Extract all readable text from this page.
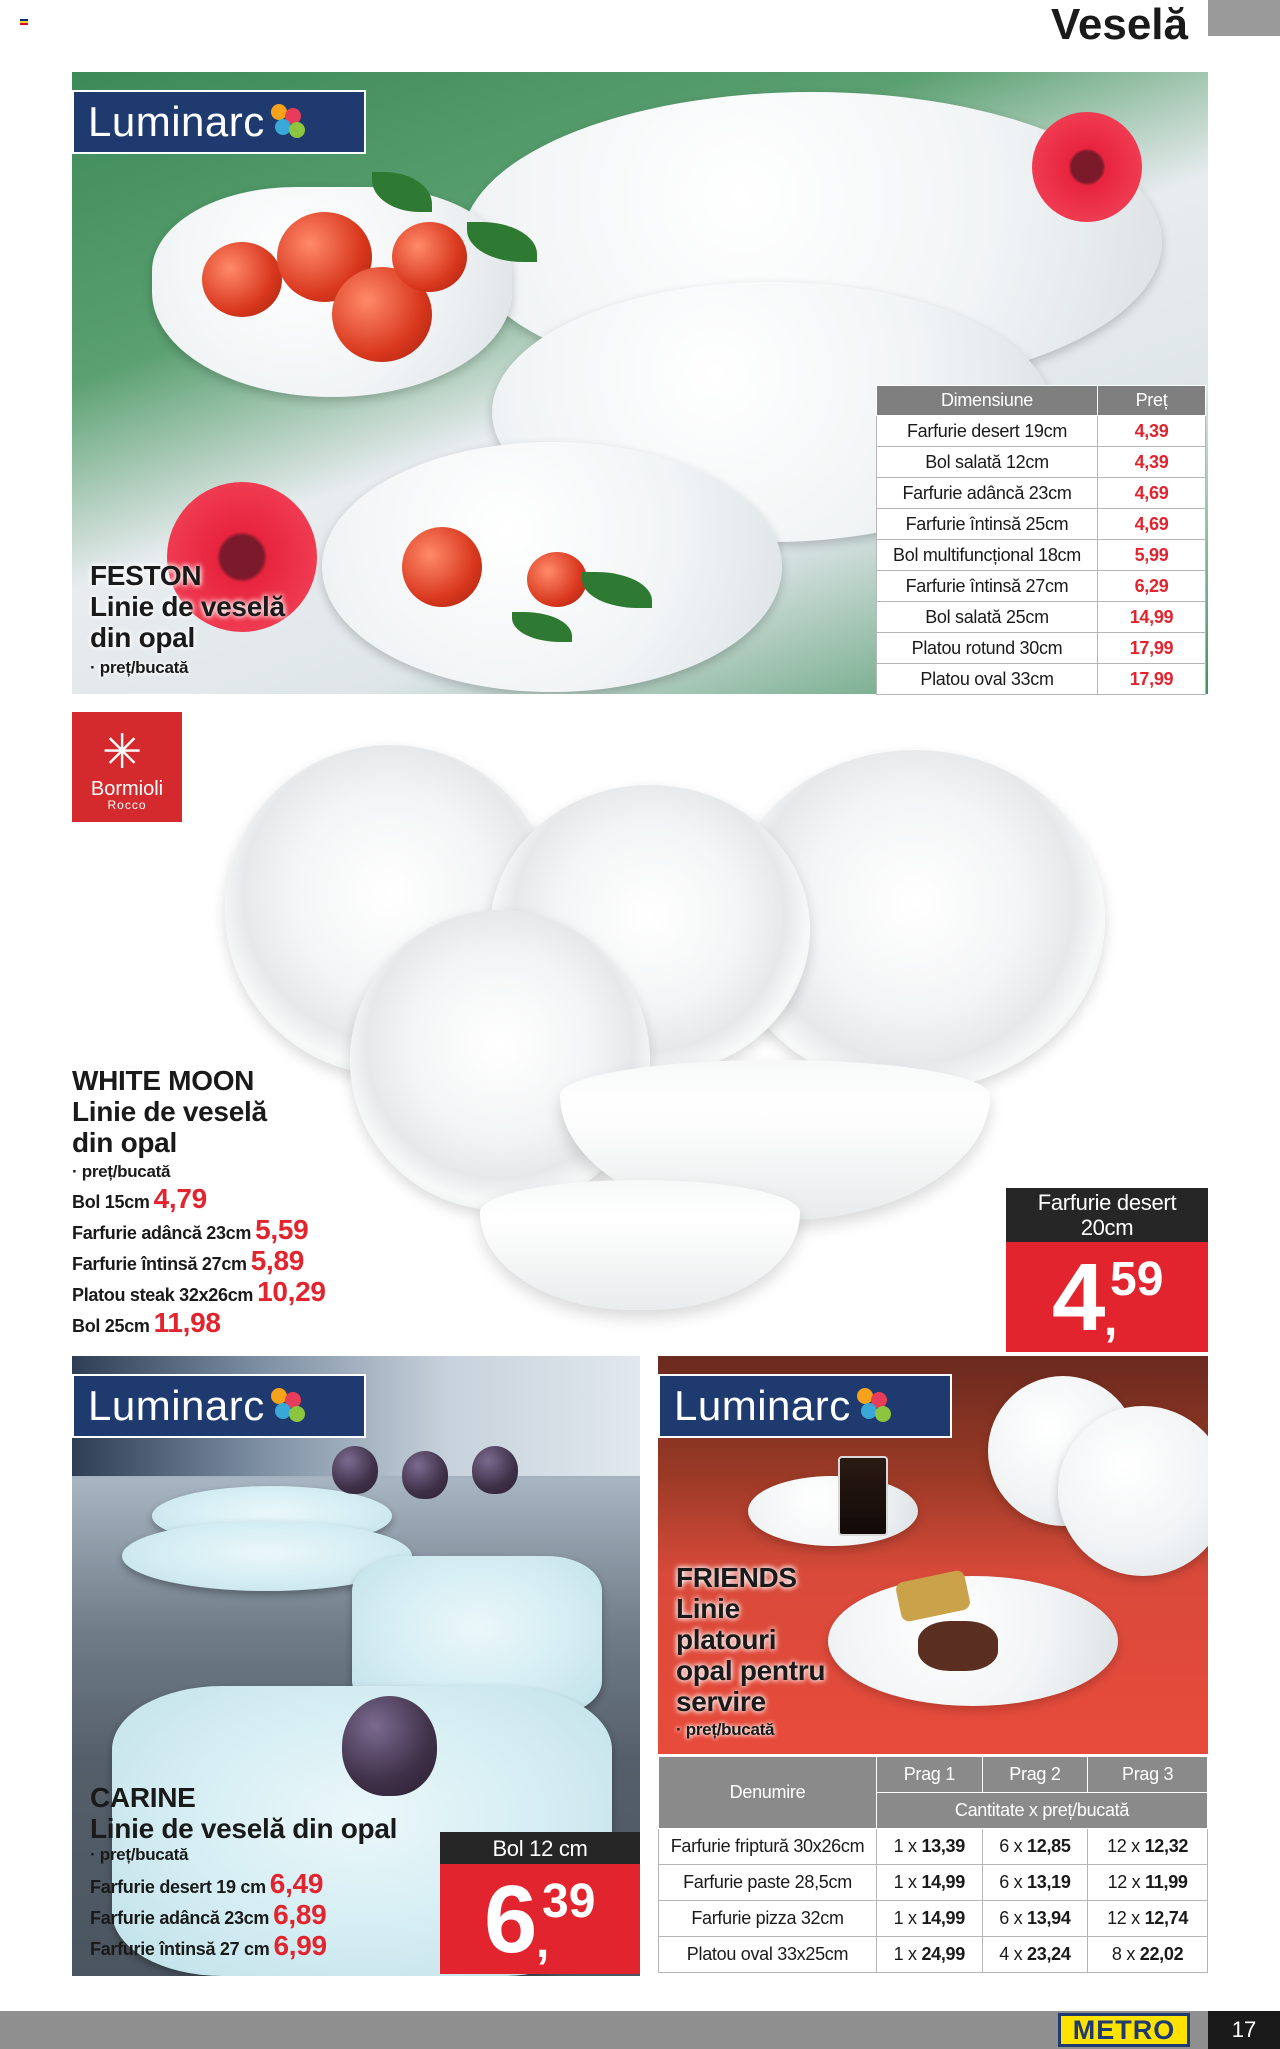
Veselă
Luminarc
FESTON
Linie de veselă
din opal
· preț/bucată
Dimensiune	Preț
Farfurie desert 19cm	4,39
Bol salată 12cm	4,39
Farfurie adâncă 23cm	4,69
Farfurie întinsă 25cm	4,69
Bol multifuncțional 18cm	5,99
Farfurie întinsă 27cm	6,29
Bol salată 25cm	14,99
Platou rotund 30cm	17,99
Platou oval 33cm	17,99
✳
Bormioli
Rocco
WHITE MOON
Linie de veselă
din opal
· preț/bucată
Bol 15cm 4,79
Farfurie adâncă 23cm 5,59
Farfurie întinsă 27cm 5,89
Platou steak 32x26cm 10,29
Bol 25cm 11,98
Farfurie desert
20cm
4 59
,
Luminarc
CARINE
Linie de veselă din opal
· preț/bucată
Farfurie desert 19 cm 6,49
Farfurie adâncă 23cm 6,89
Farfurie întinsă 27 cm 6,99
Bol 12 cm
6 39
,
Luminarc
FRIENDS
Linie
platouri
opal pentru
servire
· preț/bucată
Denumire	Prag 1	Prag 2	Prag 3
	Cantitate x preț/bucată		
Farfurie friptură 30x26cm	1 x 13,39	6 x 12,85	12 x 12,32
Farfurie paste 28,5cm	1 x 14,99	6 x 13,19	12 x 11,99
Farfurie pizza 32cm	1 x 14,99	6 x 13,94	12 x 12,74
Platou oval 33x25cm	1 x 24,99	4 x 23,24	8 x 22,02
METRO	17
